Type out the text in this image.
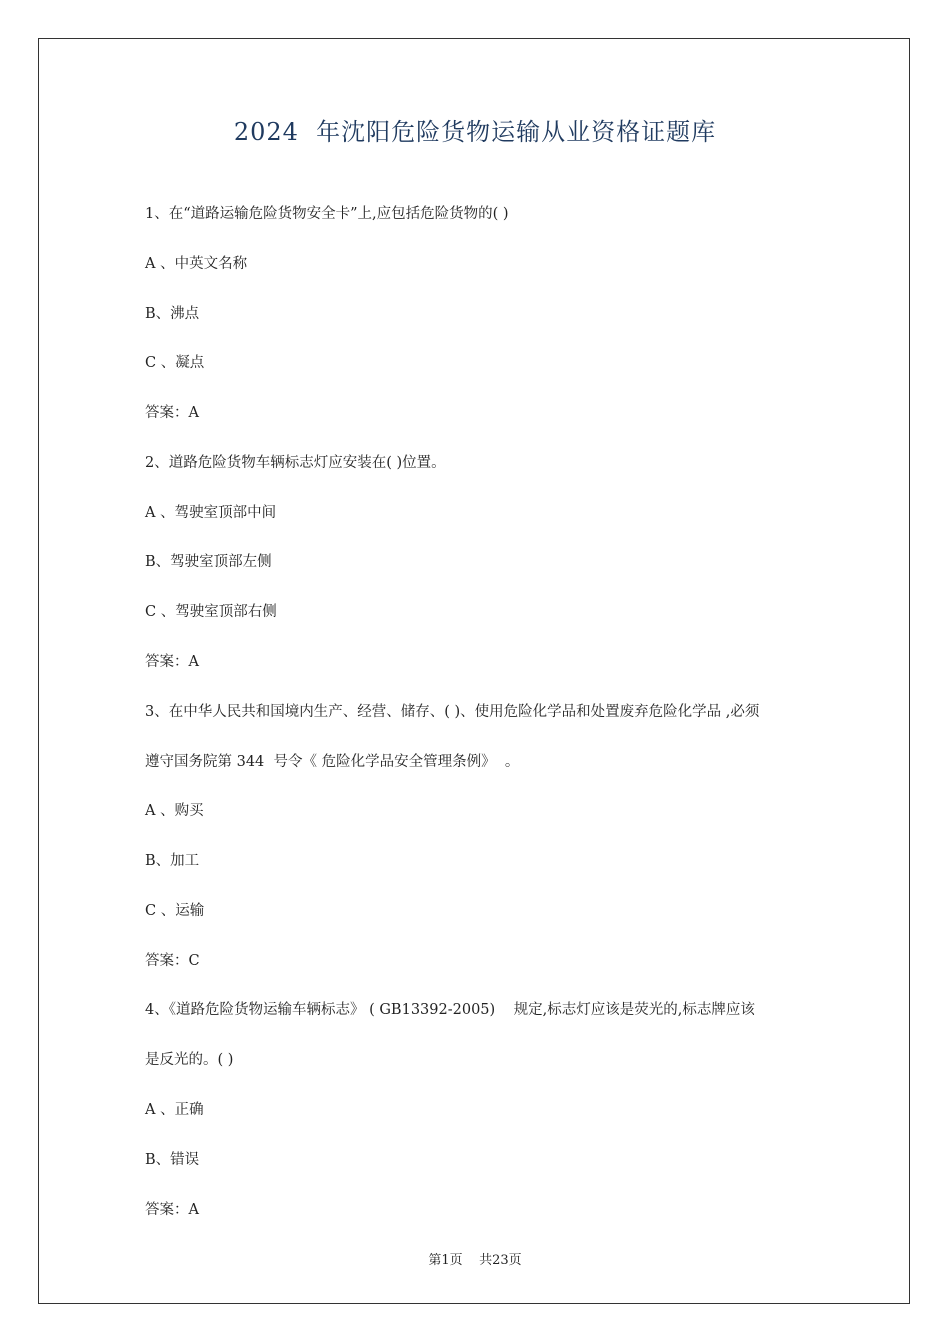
2024  年沈阳危险货物运输从业资格证题库
1、在“道路运输危险货物安全卡”上,应包括危险货物的( )
A 、中英文名称
B、沸点
C 、凝点
答案：A
2、道路危险货物车辆标志灯应安装在( )位置。
A 、驾驶室顶部中间
B、驾驶室顶部左侧
C 、驾驶室顶部右侧
答案：A
3、在中华人民共和国境内生产、经营、储存、( )、使用危险化学品和处置废弃危险化学品 ,必须
遵守国务院第 344  号令《 危险化学品安全管理条例》  。
A 、购买
B、加工
C 、运输
答案：C
4、《道路危险货物运输车辆标志》 ( GB13392-2005)    规定,标志灯应该是荧光的,标志牌应该
是反光的。( )
A 、正确
B、错误
答案：A
第1页    共23页
